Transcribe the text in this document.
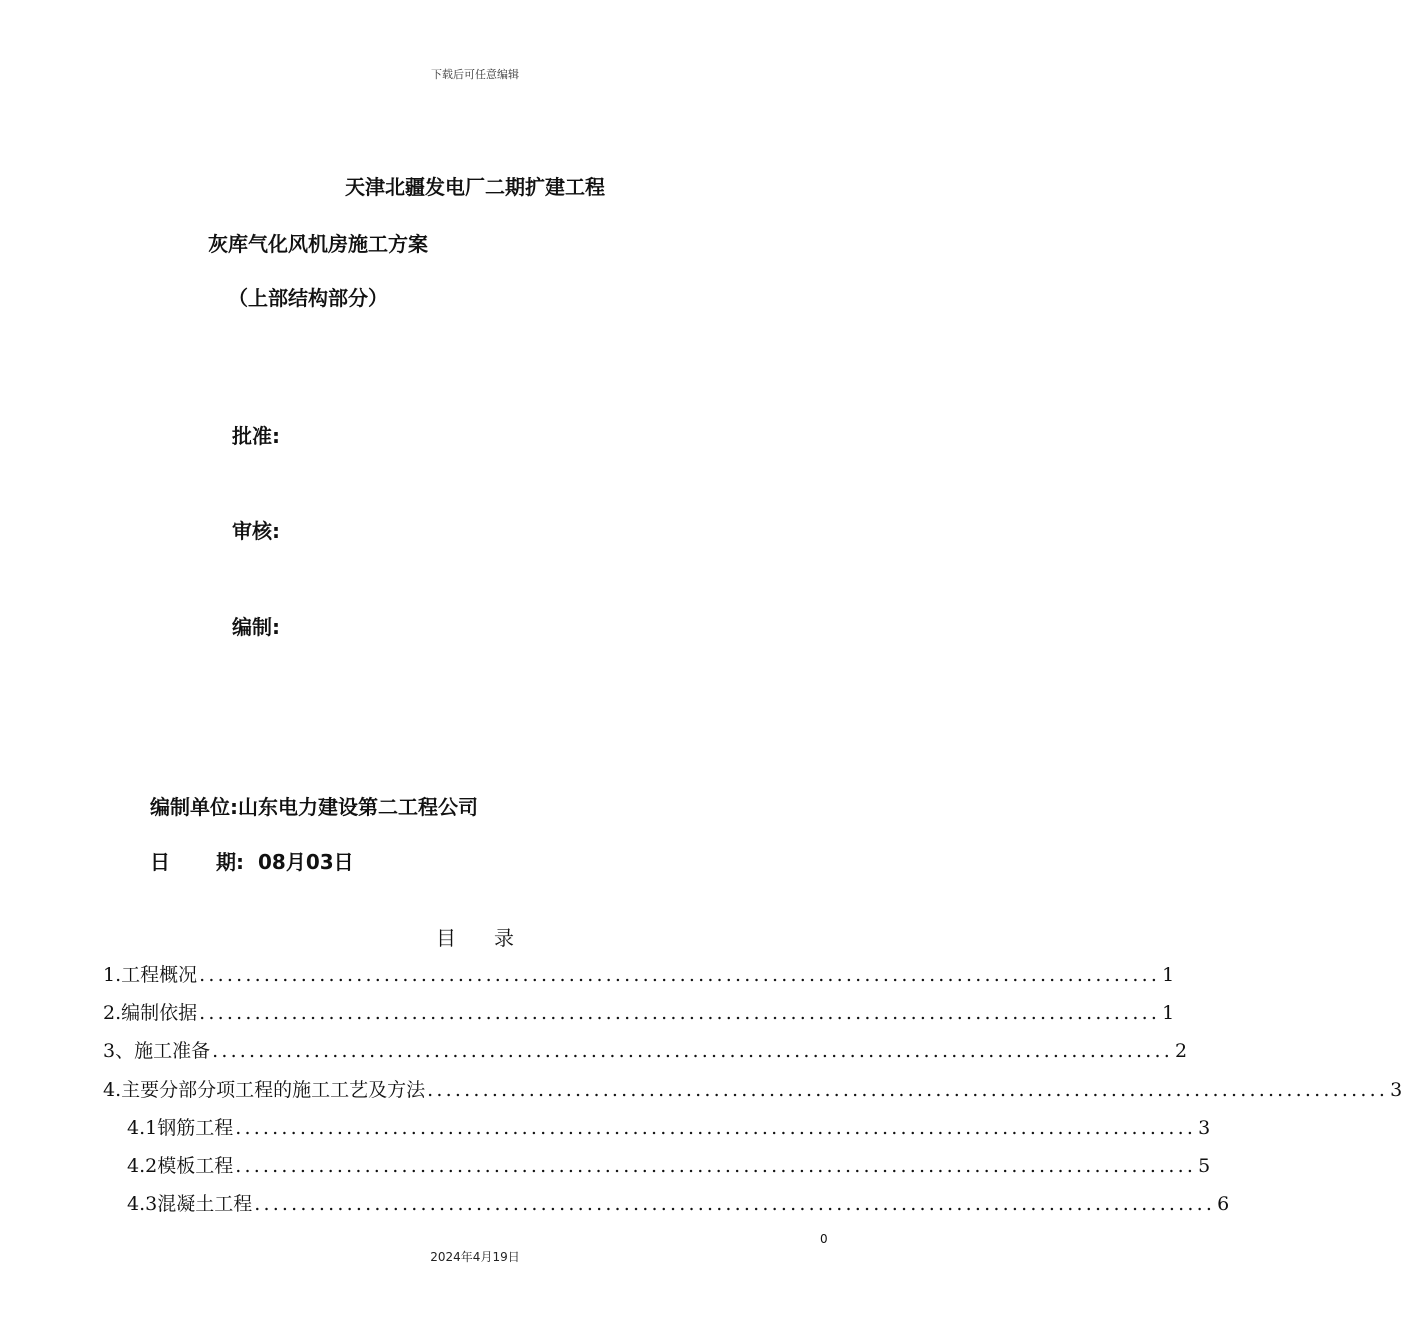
下载后可任意编辑
天津北疆发电厂二期扩建工程
灰库气化风机房施工方案
（上部结构部分）
批准:
审核:
编制:
编制单位:山东电力建设第二工程公司
日 期: 08月03日
目 录
1.工程概况 ........................................................................................................ 1
2.编制依据 ........................................................................................................ 1
3、施工准备 ........................................................................................................ 2
4.主要分部分项工程的施工工艺及方法 ........................................................................................................ 3
4.1钢筋工程 ........................................................................................................ 3
4.2模板工程 ........................................................................................................ 5
4.3混凝土工程 ........................................................................................................ 6
0
2024年4月19日
